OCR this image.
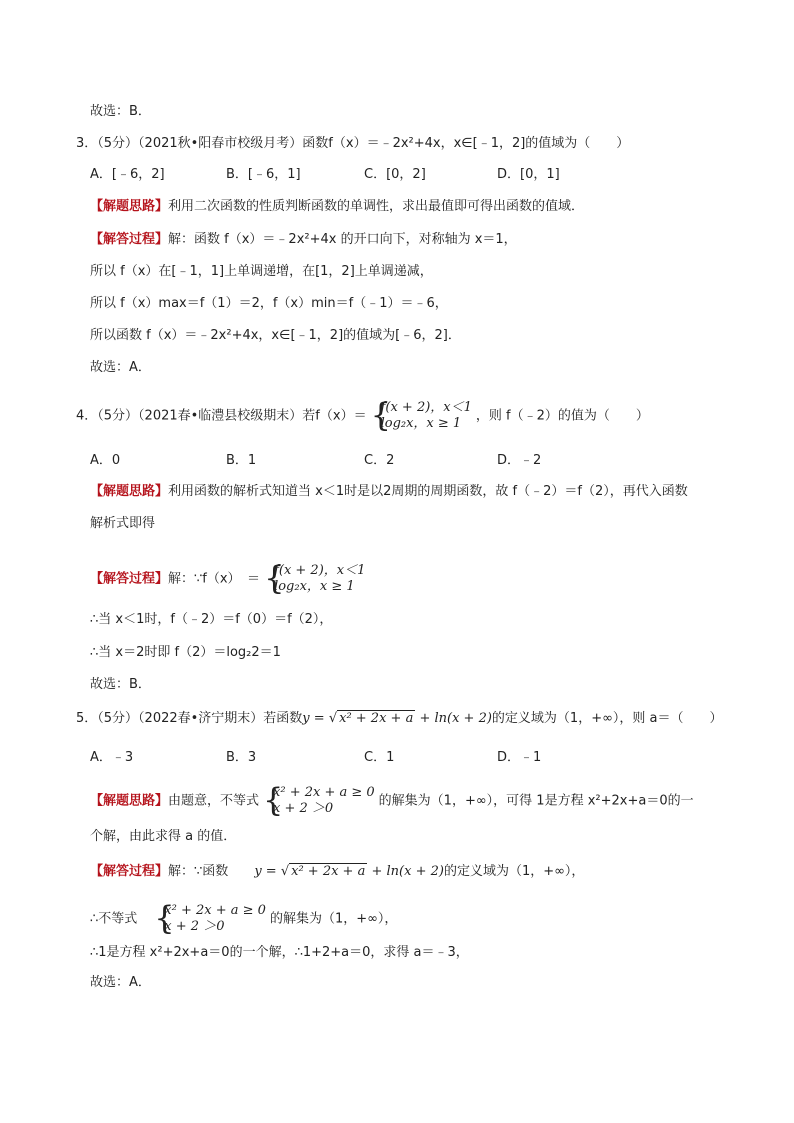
故选：B．
3．（5分）（2021秋•阳春市校级月考）函数f（x）＝﹣2x²+4x，x∈[﹣1，2]的值域为（　　）
A．[﹣6，2]	B．[﹣6，1]	C．[0，2]	D．[0，1]
【解题思路】利用二次函数的性质判断函数的单调性，求出最值即可得出函数的值域．
【解答过程】解：函数 f（x）＝﹣2x²+4x 的开口向下，对称轴为 x＝1，
所以 f（x）在[﹣1，1]上单调递增，在[1，2]上单调递减，
所以 f（x）max＝f（1）＝2，f（x）min＝f（﹣1）＝﹣6，
所以函数 f（x）＝﹣2x²+4x，x∈[﹣1，2]的值域为[﹣6，2]．
故选：A．
4．（5分）（2021春•临澧县校级期末）若f（x）＝ {
f(x + 2)，x＜1
log₂x，x ≥ 1	，则 f（﹣2）的值为（　　）
A．0	B．1	C．2	D．﹣2
【解题思路】利用函数的解析式知道当 x＜1时是以2周期的周期函数，故 f（﹣2）＝f（2），再代入函数
解析式即得
【解答过程】解：∵f（x）　＝ {
f(x + 2)，x＜1
log₂x，x ≥ 1
∴当 x＜1时，f（﹣2）＝f（0）＝f（2），
∴当 x＝2时即 f（2）＝log₂2＝1
故选：B．
5．（5分）（2022春•济宁期末）若函数y = √ x² + 2x + a + ln(x + 2)的定义域为（1，+∞），则 a＝（　　）
A．﹣3	B．3	C．1	D．﹣1
【解题思路】由题意，不等式 {
x² + 2x + a ≥ 0
x + 2 ＞0	的解集为（1，+∞），可得 1是方程 x²+2x+a＝0的一
个解，由此求得 a 的值．
【解答过程】解：∵函数　　 y = √ x² + 2x + a + ln(x + 2)的定义域为（1，+∞），
∴不等式　 {
x² + 2x + a ≥ 0
x + 2 ＞0	的解集为（1，+∞），
∴1是方程 x²+2x+a＝0的一个解，∴1+2+a＝0，求得 a＝﹣3，
故选：A．
